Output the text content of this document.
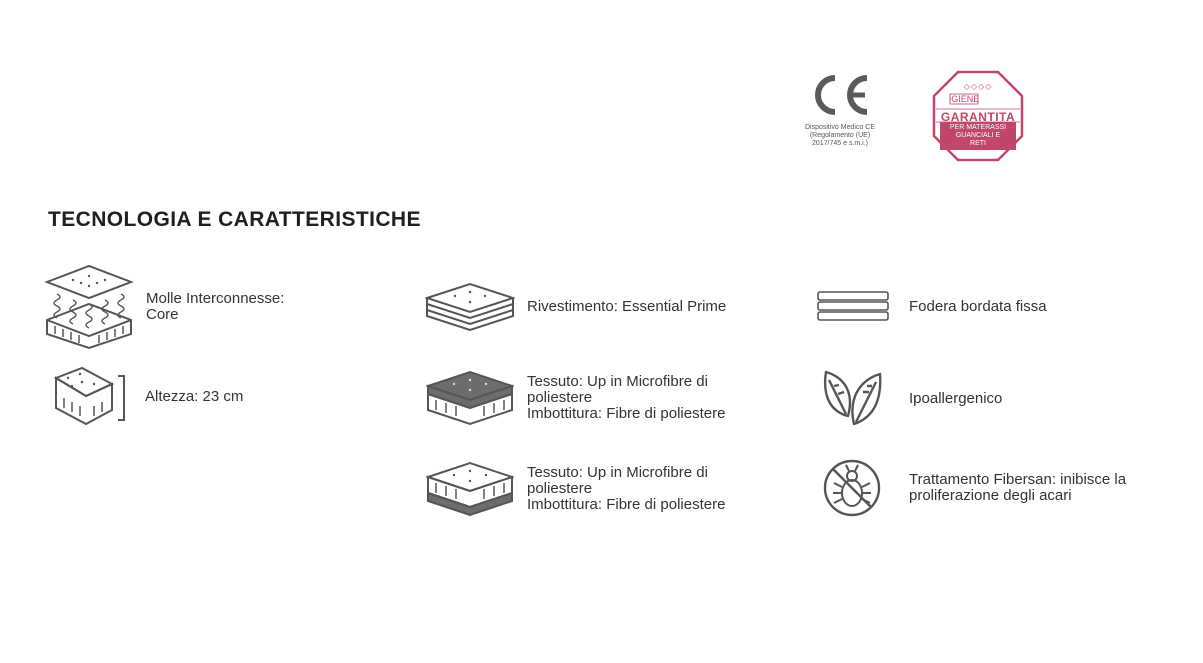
Dispositivo Medico CE
(Regolamento (UE)
2017/745 e s.m.i.)
◇◇◇◇
IGIENE
GARANTITA
PER MATERASSI
GUANCIALI E
RETI
TECNOLOGIA E CARATTERISTICHE
Molle Interconnesse:
Core
Altezza: 23 cm
Rivestimento: Essential Prime
Tessuto: Up in Microfibre di
poliestere
Imbottitura: Fibre di poliestere
Tessuto: Up in Microfibre di
poliestere
Imbottitura: Fibre di poliestere
Fodera bordata fissa
Ipoallergenico
Trattamento Fibersan: inibisce la
proliferazione degli acari
